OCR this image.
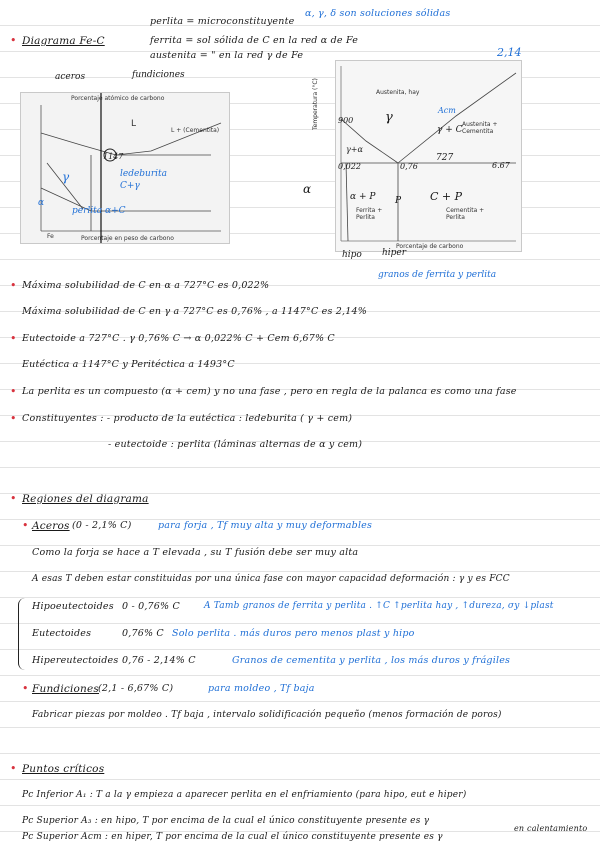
perlita = microconstituyente
α, γ, δ son soluciones sólidas
ferrita = sol sólida de C en la red α de Fe
austenita = " en la red γ de Fe
• Diagrama Fe-C
Porcentaje atómico de carbono
L
L + (Cementita)
Fe	Porcentaje en peso de carbono
aceros	fundiciones
1147
ledeburita C+γ
γ
α
perlita α+C
Austenita, hay
Austenita + Cementita
Ferrita + Perlita
Cementita + Perlita
Porcentaje de carbono
Temperatura (°C)
2,14
900 γ	Acm
γ + C
γ+α
727
0,022	0,76	6.67
α
α + P P	C + P
hipo hiper
granos de ferrita y perlita
• Máxima solubilidad de C en α a 727°C es 0,022%
Máxima solubilidad de C en γ a 727°C es 0,76% , a 1147°C es 2,14%
• Eutectoide a 727°C . γ 0,76% C → α 0,022% C + Cem 6,67% C
Eutéctica a 1147°C y Peritéctica a 1493°C
• La perlita es un compuesto (α + cem) y no una fase , pero en regla de la palanca es como una fase
• Constituyentes : - producto de la eutéctica : ledeburita ( γ + cem)
- eutectoide : perlita (láminas alternas de α y cem)
• Regiones del diagrama
• Aceros (0 - 2,1% C)	para forja , Tf muy alta y muy deformables
Como la forja se hace a T elevada , su T fusión debe ser muy alta
A esas T deben estar constituidas por una única fase con mayor capacidad deformación : γ y es FCC
Hipoeutectoides 0 - 0,76% C	A Tamb granos de ferrita y perlita . ↑C ↑perlita hay , ↑dureza, σy ↓plast
Eutectoides	0,76% C Solo perlita . más duros pero menos plast y hipo
Hipereutectoides 0,76 - 2,14% C	Granos de cementita y perlita , los más duros y frágiles
• Fundiciones
(2,1 - 6,67% C)	para moldeo , Tf baja
Fabricar piezas por moldeo . Tf baja , intervalo solidificación pequeño (menos formación de poros)
• Puntos críticos
Pc Inferior A₁ : T a la γ empieza a aparecer perlita en el enfriamiento (para hipo, eut e hiper)
Pc Superior A₃ : en hipo, T por encima de la cual el único constituyente presente es γ
Pc Superior Acm : en hiper, T por encima de la cual el único constituyente presente es γ
en calentamiento
